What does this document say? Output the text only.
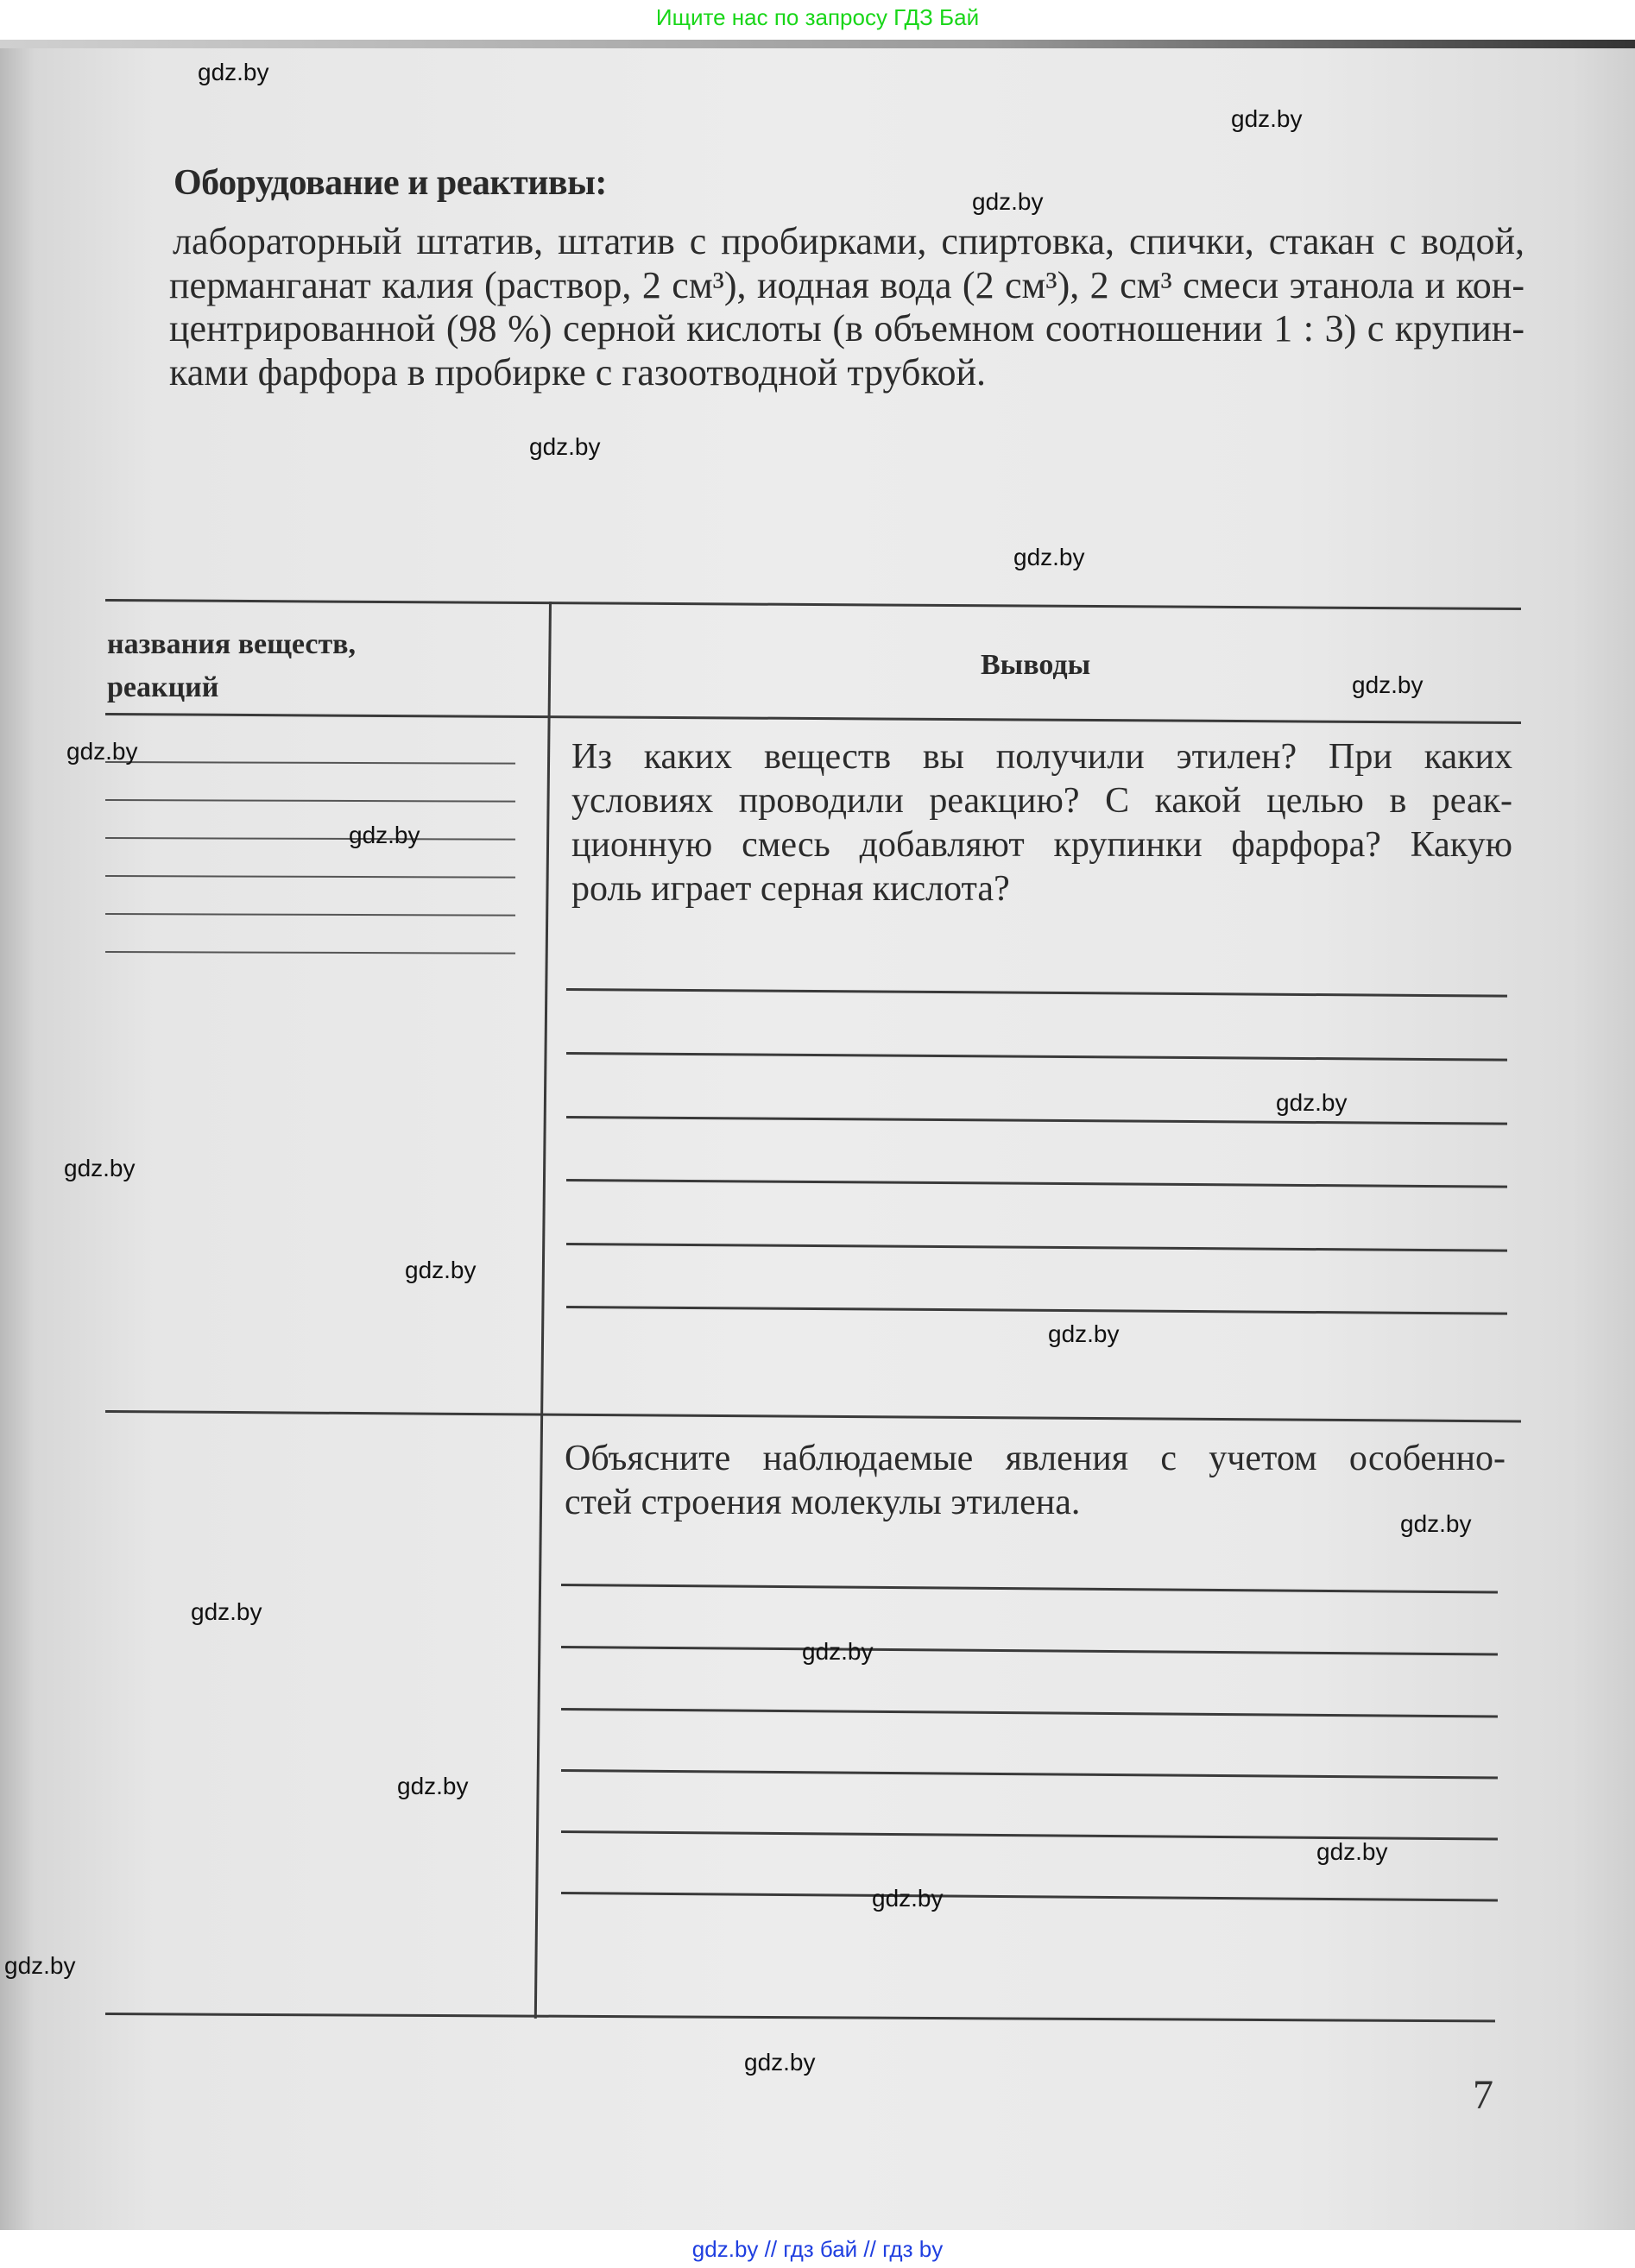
Ищите нас по запросу ГДЗ Бай
Оборудование и реактивы:
лабораторный штатив, штатив с пробирками, спиртовка, спички, стакан с водой,
перманганат калия (раствор, 2 см³), иодная вода (2 см³), 2 см³ смеси этанола и кон-
центрированной (98 %) серной кислоты (в объемном соотношении 1 : 3) с крупин-
ками фарфора в пробирке с газоотводной трубкой.
названия веществ,
реакций
Выводы
Из каких веществ вы получили этилен? При каких
условиях проводили реакцию? С какой целью в реак-
ционную смесь добавляют крупинки фарфора? Какую
роль играет серная кислота?
Объясните наблюдаемые явления с учетом особенно-
стей строения молекулы этилена.
gdz.by
gdz.by
gdz.by
gdz.by
gdz.by
gdz.by
gdz.by
gdz.by
gdz.by
gdz.by
gdz.by
gdz.by
gdz.by
gdz.by
gdz.by
gdz.by
gdz.by
gdz.by
gdz.by
gdz.by
7
gdz.by // гдз бай // гдз by
